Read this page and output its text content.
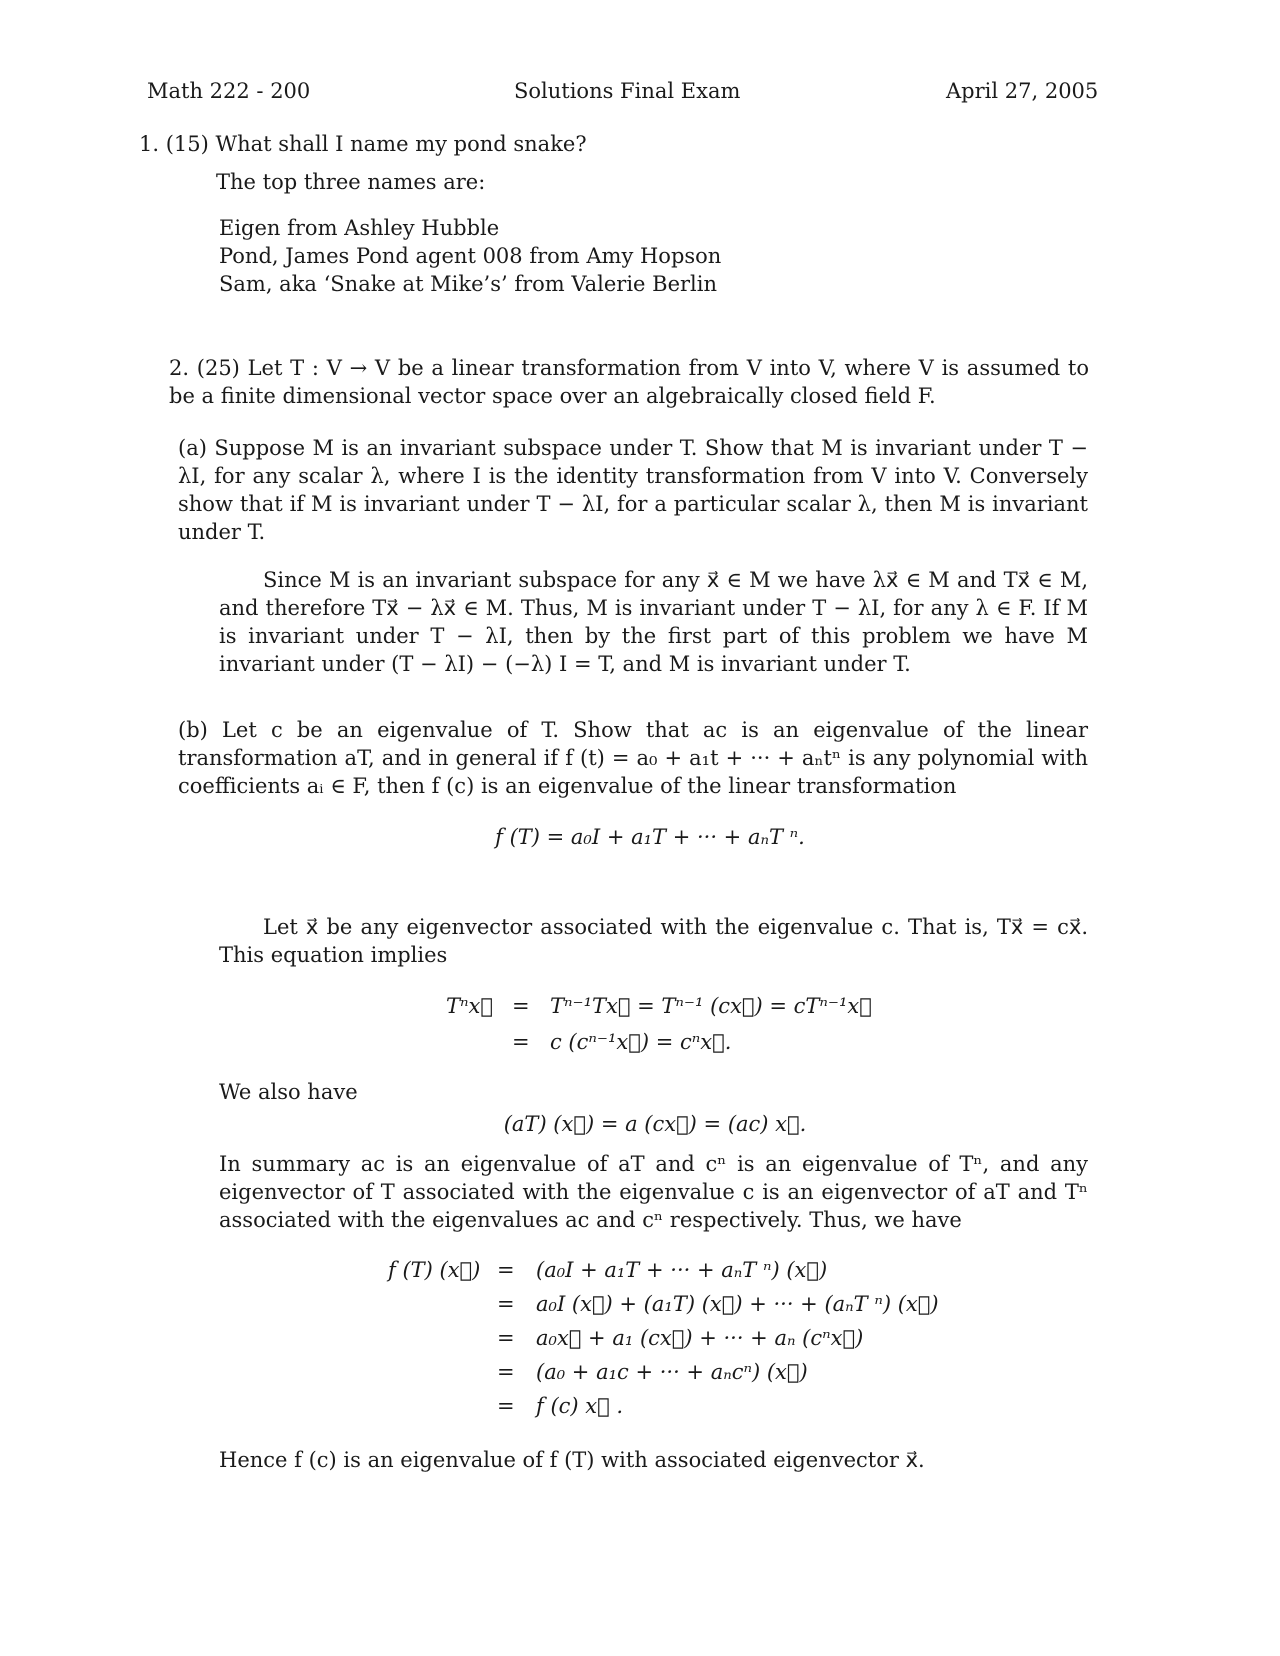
Math 222 - 200	Solutions Final Exam	April 27, 2005
1. (15) What shall I name my pond snake?
The top three names are:
Eigen from Ashley Hubble
Pond, James Pond agent 008 from Amy Hopson
Sam, aka ‘Snake at Mike’s’ from Valerie Berlin
2. (25) Let T : V → V be a linear transformation from V into V, where V is assumed to be a finite dimensional vector space over an algebraically closed field F.
(a) Suppose M is an invariant subspace under T. Show that M is invariant under T − λI, for any scalar λ, where I is the identity transformation from V into V. Conversely show that if M is invariant under T − λI, for a particular scalar λ, then M is invariant under T.
Since M is an invariant subspace for any x⃗ ∈ M we have λx⃗ ∈ M and Tx⃗ ∈ M, and therefore Tx⃗ − λx⃗ ∈ M. Thus, M is invariant under T − λI, for any λ ∈ F. If M is invariant under T − λI, then by the first part of this problem we have M invariant under (T − λI) − (−λ) I = T, and M is invariant under T.
(b) Let c be an eigenvalue of T. Show that ac is an eigenvalue of the linear transformation aT, and in general if f (t) = a₀ + a₁t + ··· + aₙtⁿ is any polynomial with coefficients aᵢ ∈ F, then f (c) is an eigenvalue of the linear transformation
f (T) = a₀I + a₁T + ··· + aₙT ⁿ.
Let x⃗ be any eigenvector associated with the eigenvalue c. That is, Tx⃗ = cx⃗. This equation implies
Tⁿx⃗ = Tⁿ⁻¹Tx⃗ = Tⁿ⁻¹ (cx⃗) = cTⁿ⁻¹x⃗
= c (cⁿ⁻¹x⃗) = cⁿx⃗.
We also have
(aT) (x⃗) = a (cx⃗) = (ac) x⃗.
In summary ac is an eigenvalue of aT and cⁿ is an eigenvalue of Tⁿ, and any eigenvector of T associated with the eigenvalue c is an eigenvector of aT and Tⁿ associated with the eigenvalues ac and cⁿ respectively. Thus, we have
f (T) (x⃗) = (a₀I + a₁T + ··· + aₙT ⁿ) (x⃗)
= a₀I (x⃗) + (a₁T) (x⃗) + ··· + (aₙT ⁿ) (x⃗)
= a₀x⃗ + a₁ (cx⃗) + ··· + aₙ (cⁿx⃗)
= (a₀ + a₁c + ··· + aₙcⁿ) (x⃗)
= f (c) x⃗ .
Hence f (c) is an eigenvalue of f (T) with associated eigenvector x⃗.
